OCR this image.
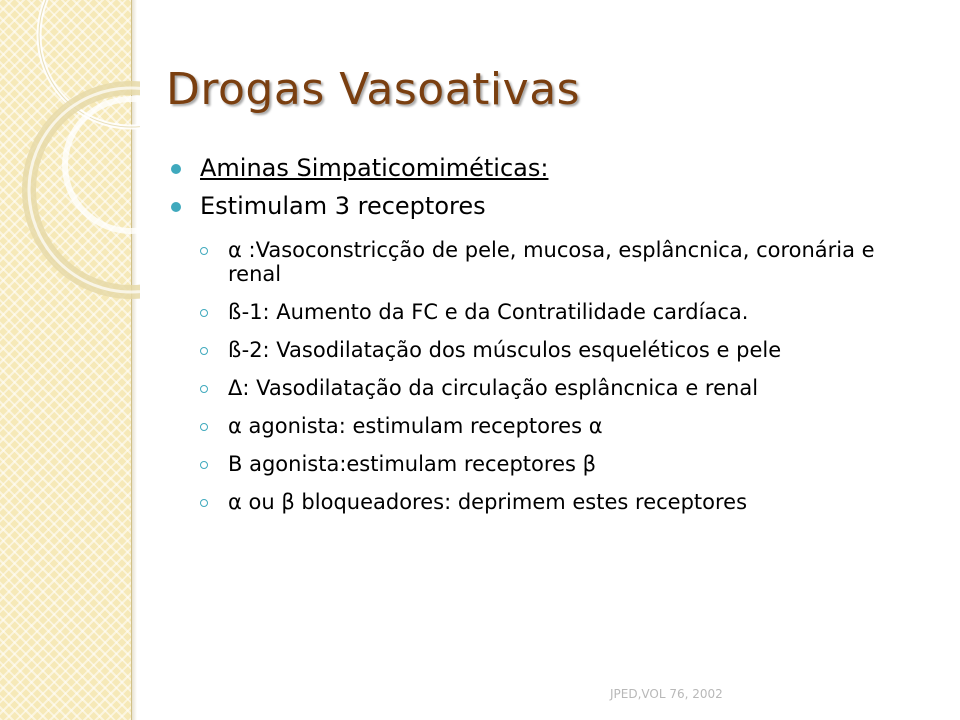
Drogas Vasoativas
Aminas Simpaticomiméticas:
Estimulam 3 receptores
α :Vasoconstricção de pele, mucosa, esplâncnica, coronária e renal
ß-1: Aumento da FC e da Contratilidade cardíaca.
ß-2: Vasodilatação dos músculos esqueléticos e pele
Δ: Vasodilatação da circulação esplâncnica e renal
α agonista: estimulam receptores α
B agonista:estimulam receptores β
α ou β bloqueadores: deprimem estes receptores
JPED,VOL 76, 2002
